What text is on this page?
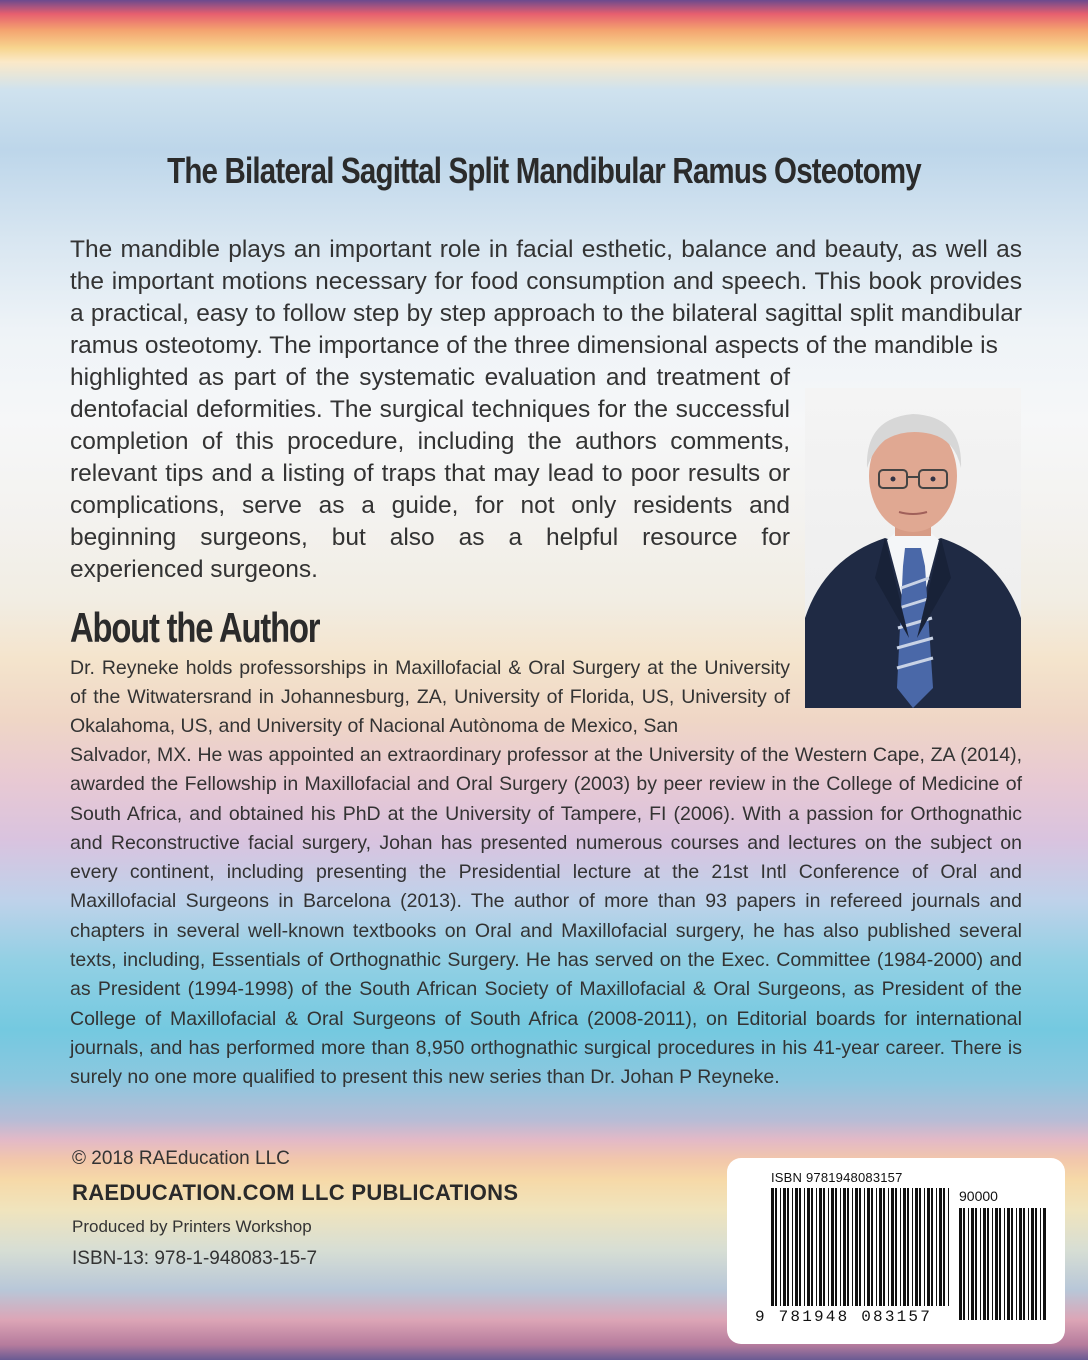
The Bilateral Sagittal Split Mandibular Ramus Osteotomy
The mandible plays an important role in facial esthetic, balance and beauty, as well as the important motions necessary for food consumption and speech. This book provides a practical, easy to follow step by step approach to the bilateral sagittal split mandibular ramus osteotomy. The importance of the three dimensional aspects of the mandible is
highlighted as part of the systematic evaluation and treatment of dentofacial deformities. The surgical techniques for the successful completion of this procedure, including the authors comments, relevant tips and a listing of traps that may lead to poor results or complications, serve as a guide, for not only residents and beginning surgeons, but also as a helpful resource for experienced surgeons.
About the Author
Dr. Reyneke holds professorships in Maxillofacial & Oral Surgery at the University of the Witwatersrand in Johannesburg, ZA, University of Florida, US, University of Okalahoma, US, and University of Nacional Autònoma de Mexico, San
Salvador, MX. He was appointed an extraordinary professor at the University of the Western Cape, ZA (2014), awarded the Fellowship in Maxillofacial and Oral Surgery (2003) by peer review in the College of Medicine of South Africa, and obtained his PhD at the University of Tampere, FI (2006). With a passion for Orthognathic and Reconstructive facial surgery, Johan has presented numerous courses and lectures on the subject on every continent, including presenting the Presidential lecture at the 21st Intl Conference of Oral and Maxillofacial Surgeons in Barcelona (2013). The author of more than 93 papers in refereed journals and chapters in several well-known textbooks on Oral and Maxillofacial surgery, he has also published several texts, including, Essentials of Orthognathic Surgery. He has served on the Exec. Committee (1984-2000) and as President (1994-1998) of the South African Society of Maxillofacial & Oral Surgeons, as President of the College of Maxillofacial & Oral Surgeons of South Africa (2008-2011), on Editorial boards for international journals, and has performed more than 8,950 orthognathic surgical procedures in his 41-year career. There is surely no one more qualified to present this new series than Dr. Johan P Reyneke.
© 2018 RAEducation LLC
RAEDUCATION.COM LLC PUBLICATIONS
Produced by Printers Workshop
ISBN-13: 978-1-948083-15-7
ISBN 9781948083157
90000
9 781948 083157
